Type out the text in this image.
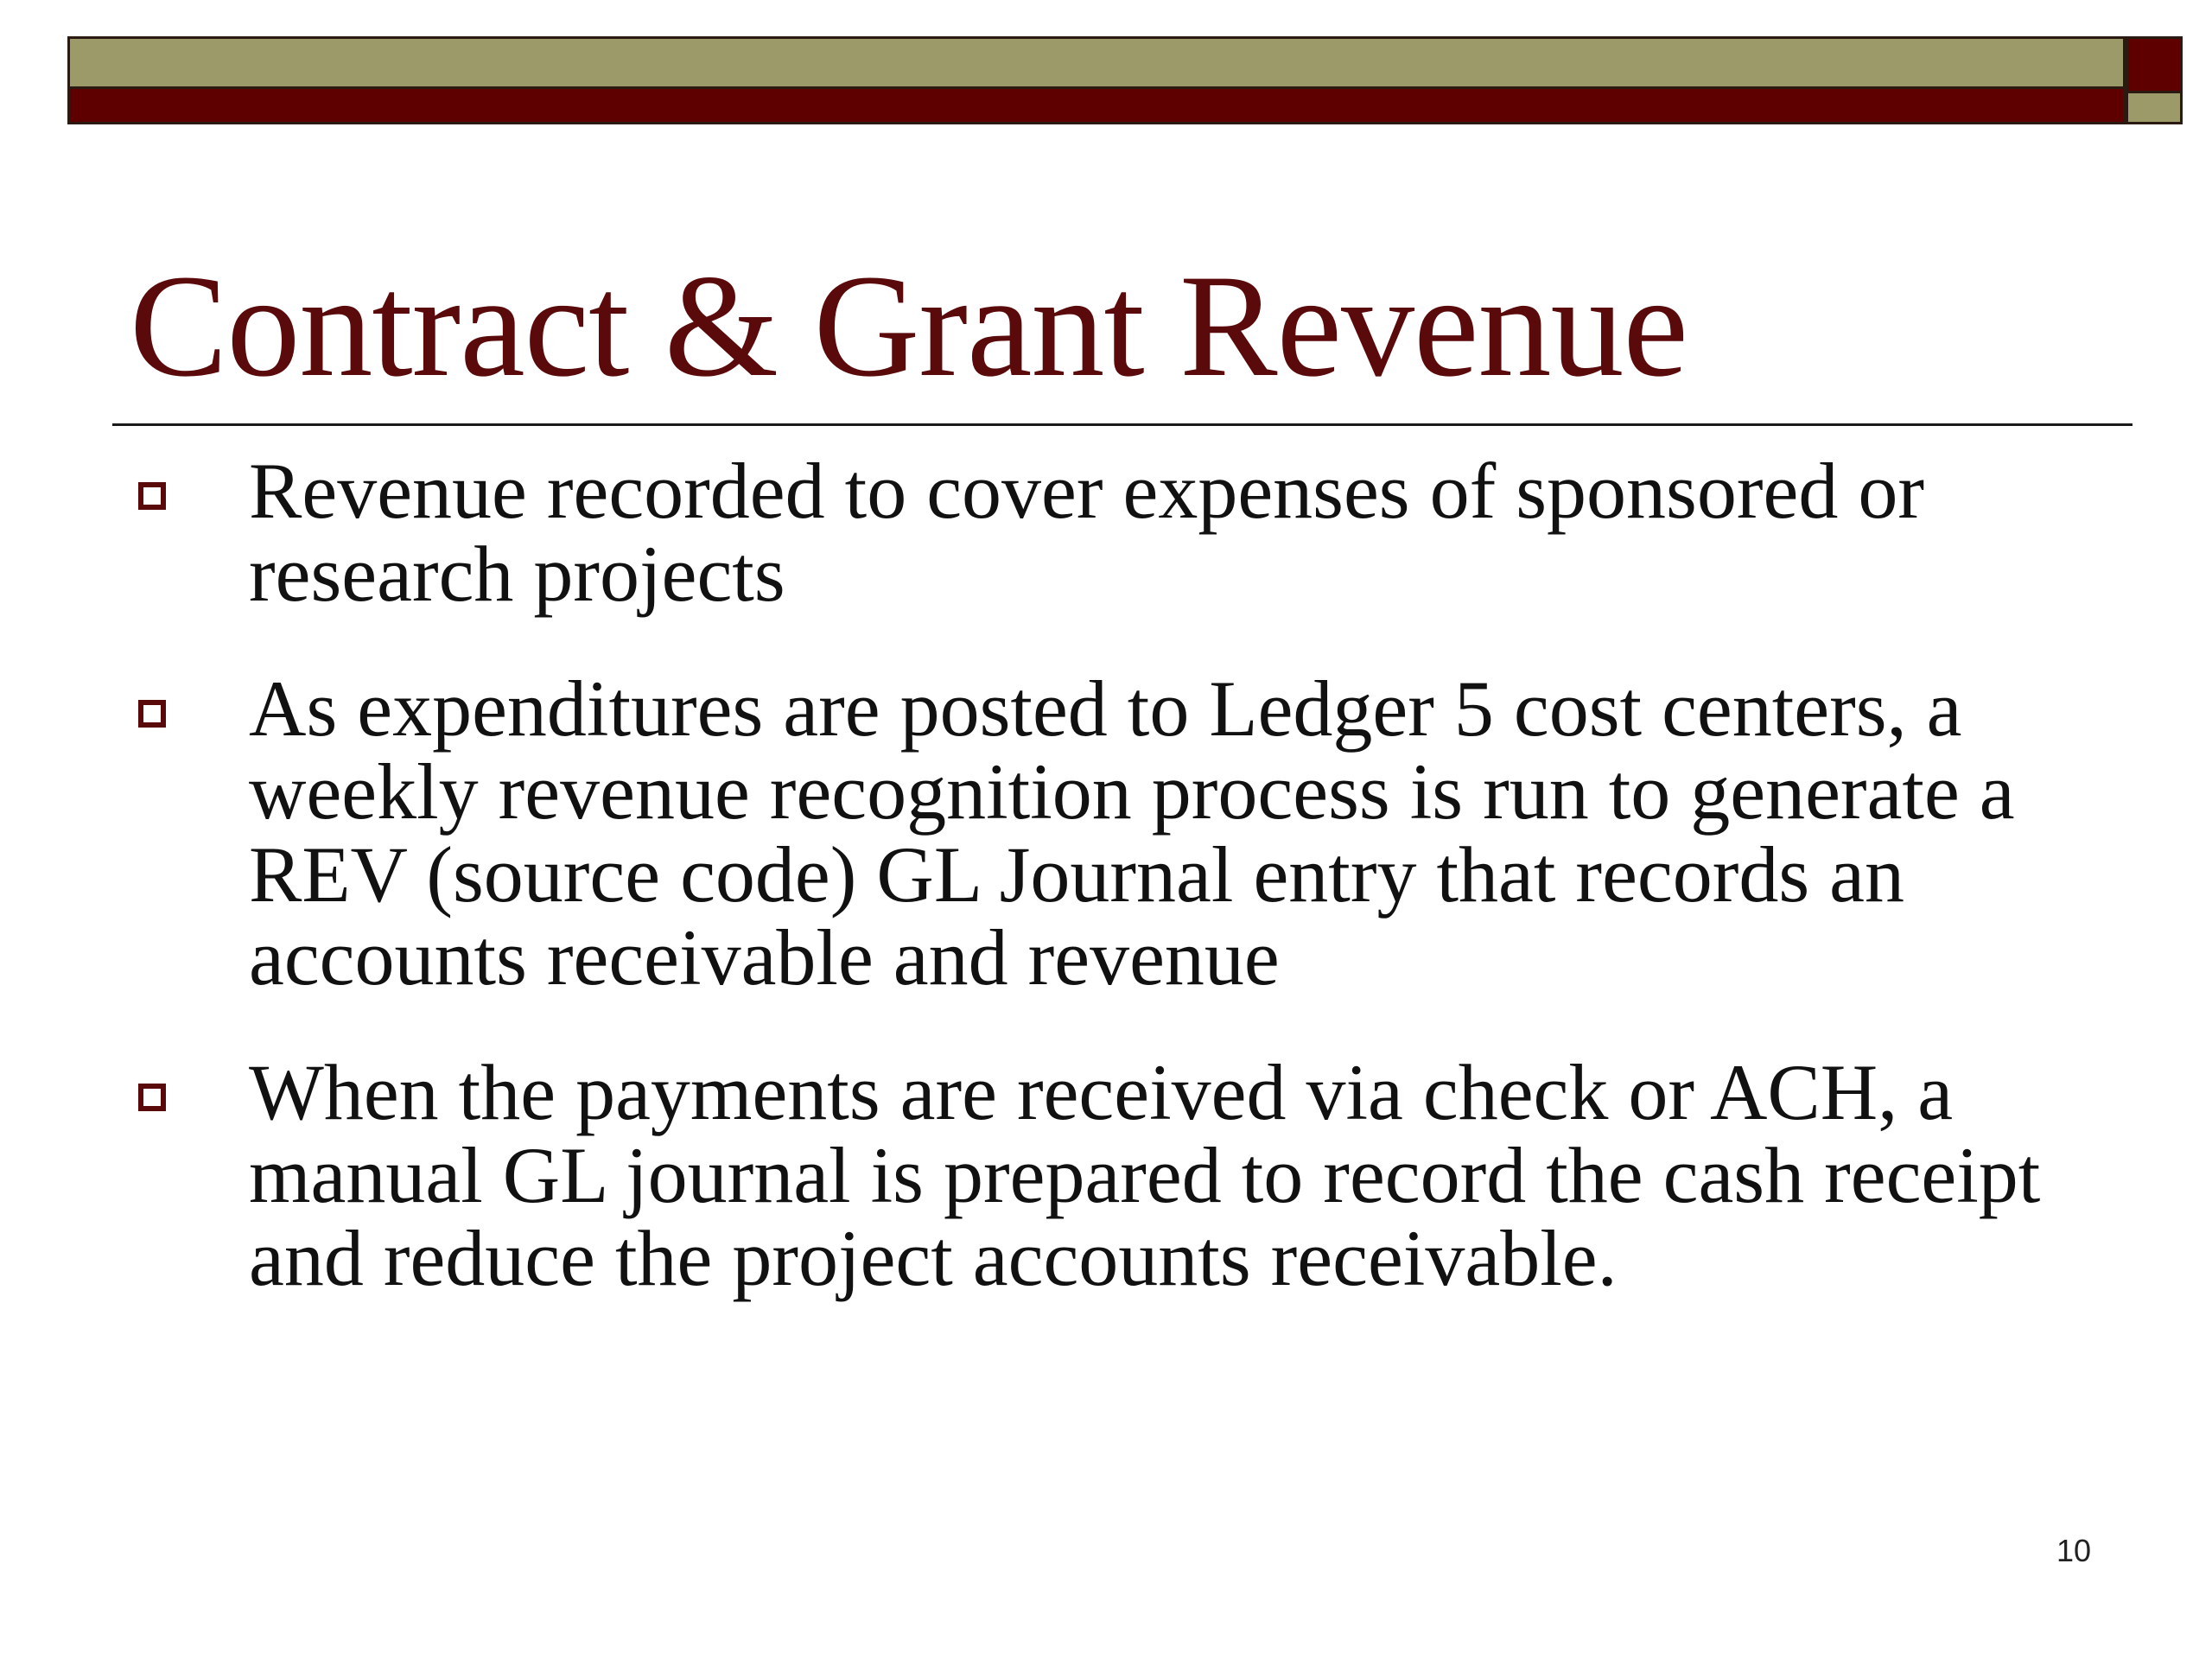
Contract & Grant Revenue
Revenue recorded to cover expenses of sponsored or research projects
As expenditures are posted to Ledger 5 cost centers, a weekly revenue recognition process is run to generate a REV (source code) GL Journal entry that records an accounts receivable and revenue
When the payments are received via check or ACH, a manual GL journal is prepared to record the cash receipt and reduce the project accounts receivable.
10
